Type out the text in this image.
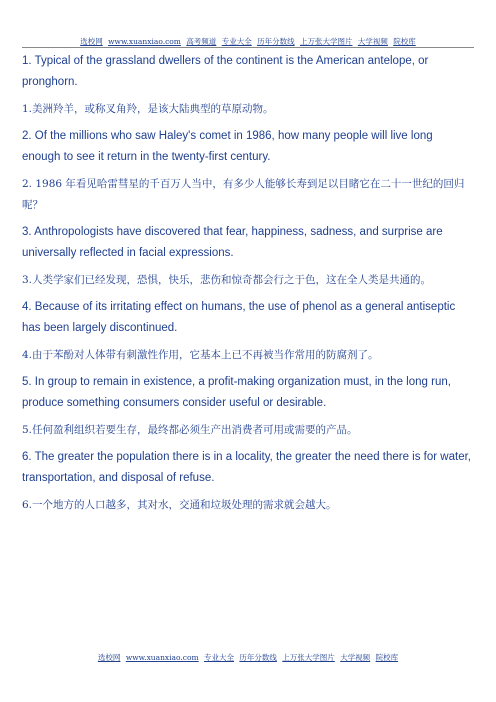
选校网 www.xuanxiao.com 高考频道 专业大全 历年分数线 上万张大学图片 大学视频 院校库

1. Typical of the grassland dwellers of the continent is the American antelope, or pronghorn.

1.美洲羚羊，或称叉角羚，是该大陆典型的草原动物。

2. Of the millions who saw Haley's comet in 1986, how many people will live long enough to see it return in the twenty-first century.

2. 1986 年看见哈雷彗星的千百万人当中，有多少人能够长寿到足以目睹它在二十一世纪的回归呢？

3. Anthropologists have discovered that fear, happiness, sadness, and surprise are universally reflected in facial expressions.

3.人类学家们已经发现，恐惧，快乐，悲伤和惊奇都会行之于色，这在全人类是共通的。

4. Because of its irritating effect on humans, the use of phenol as a general antiseptic has been largely discontinued.

4.由于苯酚对人体带有刺激性作用，它基本上已不再被当作常用的防腐剂了。

5. In group to remain in existence, a profit-making organization must, in the long run, produce something consumers consider useful or desirable.

5.任何盈利组织若要生存，最终都必须生产出消费者可用或需要的产品。

6. The greater the population there is in a locality, the greater the need there is for water, transportation, and disposal of refuse.

6.一个地方的人口越多，其对水，交通和垃圾处理的需求就会越大。

选校网 www.xuanxiao.com 专业大全 历年分数线 上万张大学图片 大学视频 院校库
